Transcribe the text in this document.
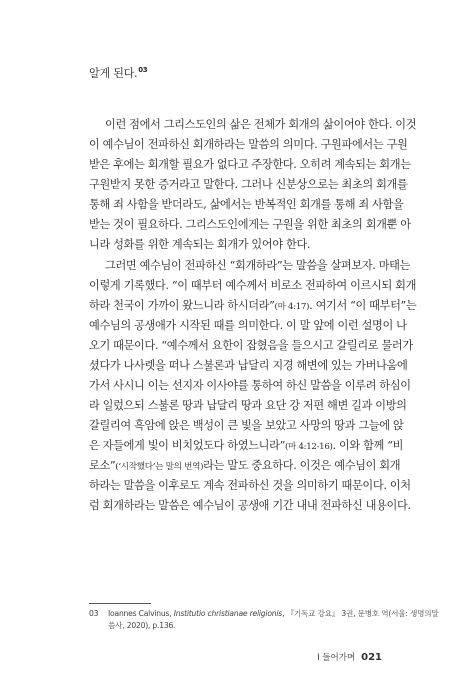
알게 된다.$^{03}$
이런 점에서 그리스도인의 삶은 전체가 회개의 삶이어야 한다. 이것
이 예수님이 전파하신 회개하라는 말씀의 의미다. 구원파에서는 구원
받은 후에는 회개할 필요가 없다고 주장한다. 오히려 계속되는 회개는
구원받지 못한 증거라고 말한다. 그러나 신분상으로는 최초의 회개를
통해 죄 사함을 받더라도, 삶에서는 반복적인 회개를 통해 죄 사함을
받는 것이 필요하다. 그리스도인에게는 구원을 위한 최초의 회개뿐 아
니라 성화를 위한 계속되는 회개가 있어야 한다.
그러면 예수님이 전파하신 “회개하라”는 말씀을 살펴보자. 마태는
이렇게 기록했다. “이 때부터 예수께서 비로소 전파하여 이르시되 회개
하라 천국이 가까이 왔느니라 하시더라”(마 4:17). 여기서 “이 때부터”는
예수님의 공생애가 시작된 때를 의미한다. 이 말 앞에 이런 설명이 나
오기 때문이다. “예수께서 요한이 잡혔음을 들으시고 갈릴리로 물러가
셨다가 나사렛을 떠나 스불론과 납달리 지경 해변에 있는 가버나움에
가서 사시니 이는 선지자 이사야를 통하여 하신 말씀을 이루려 하심이
라 일렀으되 스불론 땅과 납달리 땅과 요단 강 저편 해변 길과 이방의
갈릴리여 흑암에 앉은 백성이 큰 빛을 보았고 사망의 땅과 그늘에 앉
은 자들에게 빛이 비치었도다 하였느니라”(마 4:12-16). 이와 함께 “비
로소”(‘시작했다’는 말의 번역)라는 말도 중요하다. 이것은 예수님이 회개
하라는 말씀을 이후로도 계속 전파하신 것을 의미하기 때문이다. 이처
럼 회개하라는 말씀은 예수님이 공생애 기간 내내 전파하신 내용이다.
03 Ioannes Calvinus, Institutio christianae religionis, 『기독교 강요』 3권, 문병호 역(서울: 생명의말
씀사, 2020), p.136.
I 들어가며 021
